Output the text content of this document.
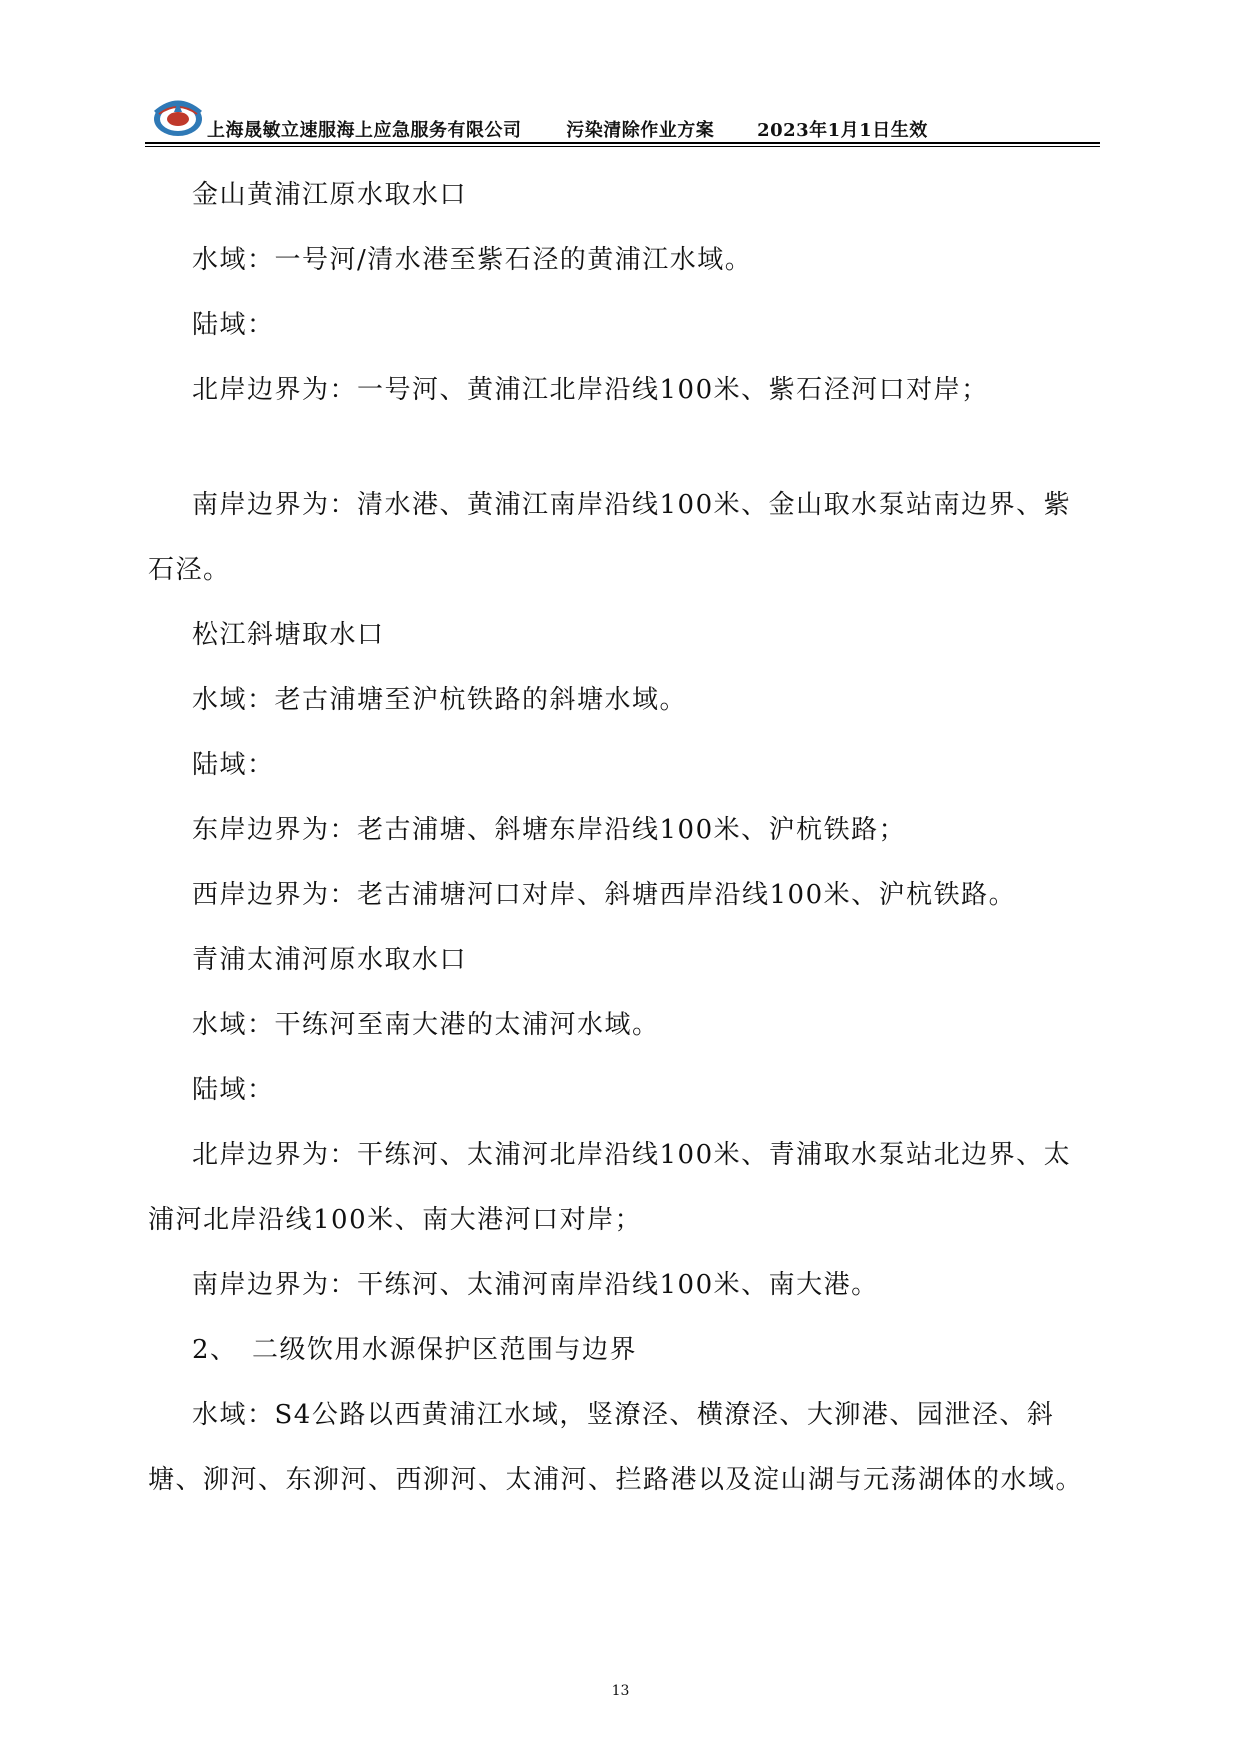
上海晟敏立速服海上应急服务有限公司 污染清除作业方案 2023年1月1日生效

金山黄浦江原水取水口

水域：一号河/清水港至紫石泾的黄浦江水域。

陆域：

北岸边界为：一号河、黄浦江北岸沿线100米、紫石泾河口对岸；

南岸边界为：清水港、黄浦江南岸沿线100米、金山取水泵站南边界、紫石泾。

松江斜塘取水口

水域：老古浦塘至沪杭铁路的斜塘水域。

陆域：

东岸边界为：老古浦塘、斜塘东岸沿线100米、沪杭铁路；

西岸边界为：老古浦塘河口对岸、斜塘西岸沿线100米、沪杭铁路。

青浦太浦河原水取水口

水域：干练河至南大港的太浦河水域。

陆域：

北岸边界为：干练河、太浦河北岸沿线100米、青浦取水泵站北边界、太浦河北岸沿线100米、南大港河口对岸；

南岸边界为：干练河、太浦河南岸沿线100米、南大港。

2、　二级饮用水源保护区范围与边界

水域：S4公路以西黄浦江水域，竖潦泾、横潦泾、大泖港、园泄泾、斜塘、泖河、东泖河、西泖河、太浦河、拦路港以及淀山湖与元荡湖体的水域。

13
